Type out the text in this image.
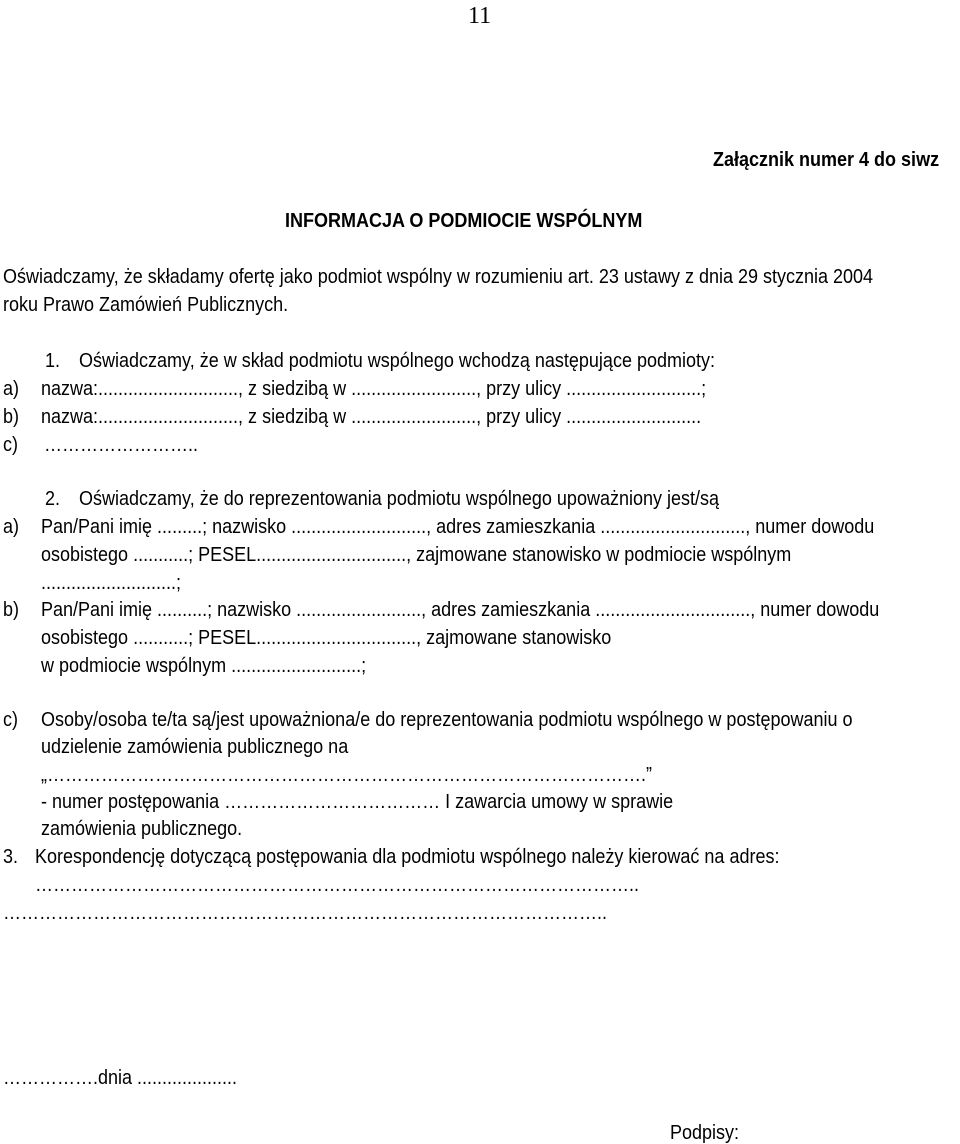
11
Załącznik numer 4 do siwz
INFORMACJA O PODMIOCIE WSPÓLNYM
Oświadczamy, że składamy ofertę jako podmiot wspólny w rozumieniu art. 23 ustawy z dnia 29 stycznia 2004
roku Prawo Zamówień Publicznych.
1. Oświadczamy, że w skład podmiotu wspólnego wchodzą następujące podmioty:
a) nazwa:............................, z siedzibą w ........................., przy ulicy ...........................;
b) nazwa:............................, z siedzibą w ........................., przy ulicy ...........................
c) ……………………..
2. Oświadczamy, że do reprezentowania podmiotu wspólnego upoważniony jest/są
a) Pan/Pani imię .........; nazwisko ..........................., adres zamieszkania ............................., numer dowodu
osobistego ...........; PESEL.............................., zajmowane stanowisko w podmiocie wspólnym
...........................;
b) Pan/Pani imię ..........; nazwisko ........................., adres zamieszkania ..............................., numer dowodu
osobistego ...........; PESEL................................, zajmowane stanowisko
w podmiocie wspólnym ..........................;
c) Osoby/osoba te/ta są/jest upoważniona/e do reprezentowania podmiotu wspólnego w postępowaniu o
udzielenie zamówienia publicznego na
„……………………………………………………………………………………….”
- numer postępowania ……………………………… I zawarcia umowy w sprawie
zamówienia publicznego.
3. Korespondencję dotyczącą postępowania dla podmiotu wspólnego należy kierować na adres:
………………………………………………………………………………………..
………………………………………………………………………………………..
…………….dnia ....................
Podpisy:
